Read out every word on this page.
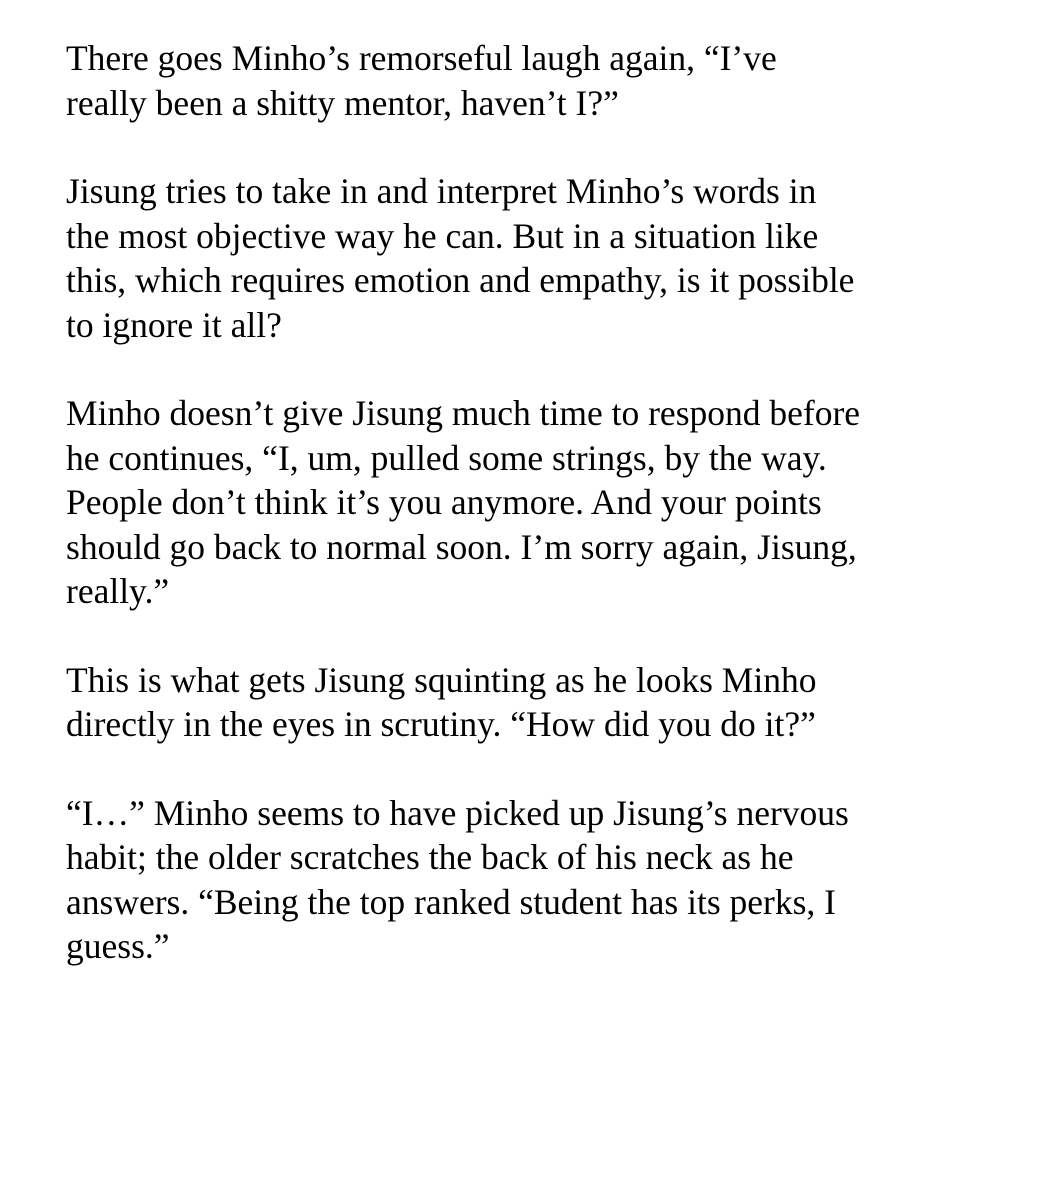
There goes Minho’s remorseful laugh again, “I’ve
really been a shitty mentor, haven’t I?”

Jisung tries to take in and interpret Minho’s words in
the most objective way he can. But in a situation like
this, which requires emotion and empathy, is it possible
to ignore it all?

Minho doesn’t give Jisung much time to respond before
he continues, “I, um, pulled some strings, by the way.
People don’t think it’s you anymore. And your points
should go back to normal soon. I’m sorry again, Jisung,
really.”

This is what gets Jisung squinting as he looks Minho
directly in the eyes in scrutiny. “How did you do it?”

“I…” Minho seems to have picked up Jisung’s nervous
habit; the older scratches the back of his neck as he
answers. “Being the top ranked student has its perks, I
guess.”
